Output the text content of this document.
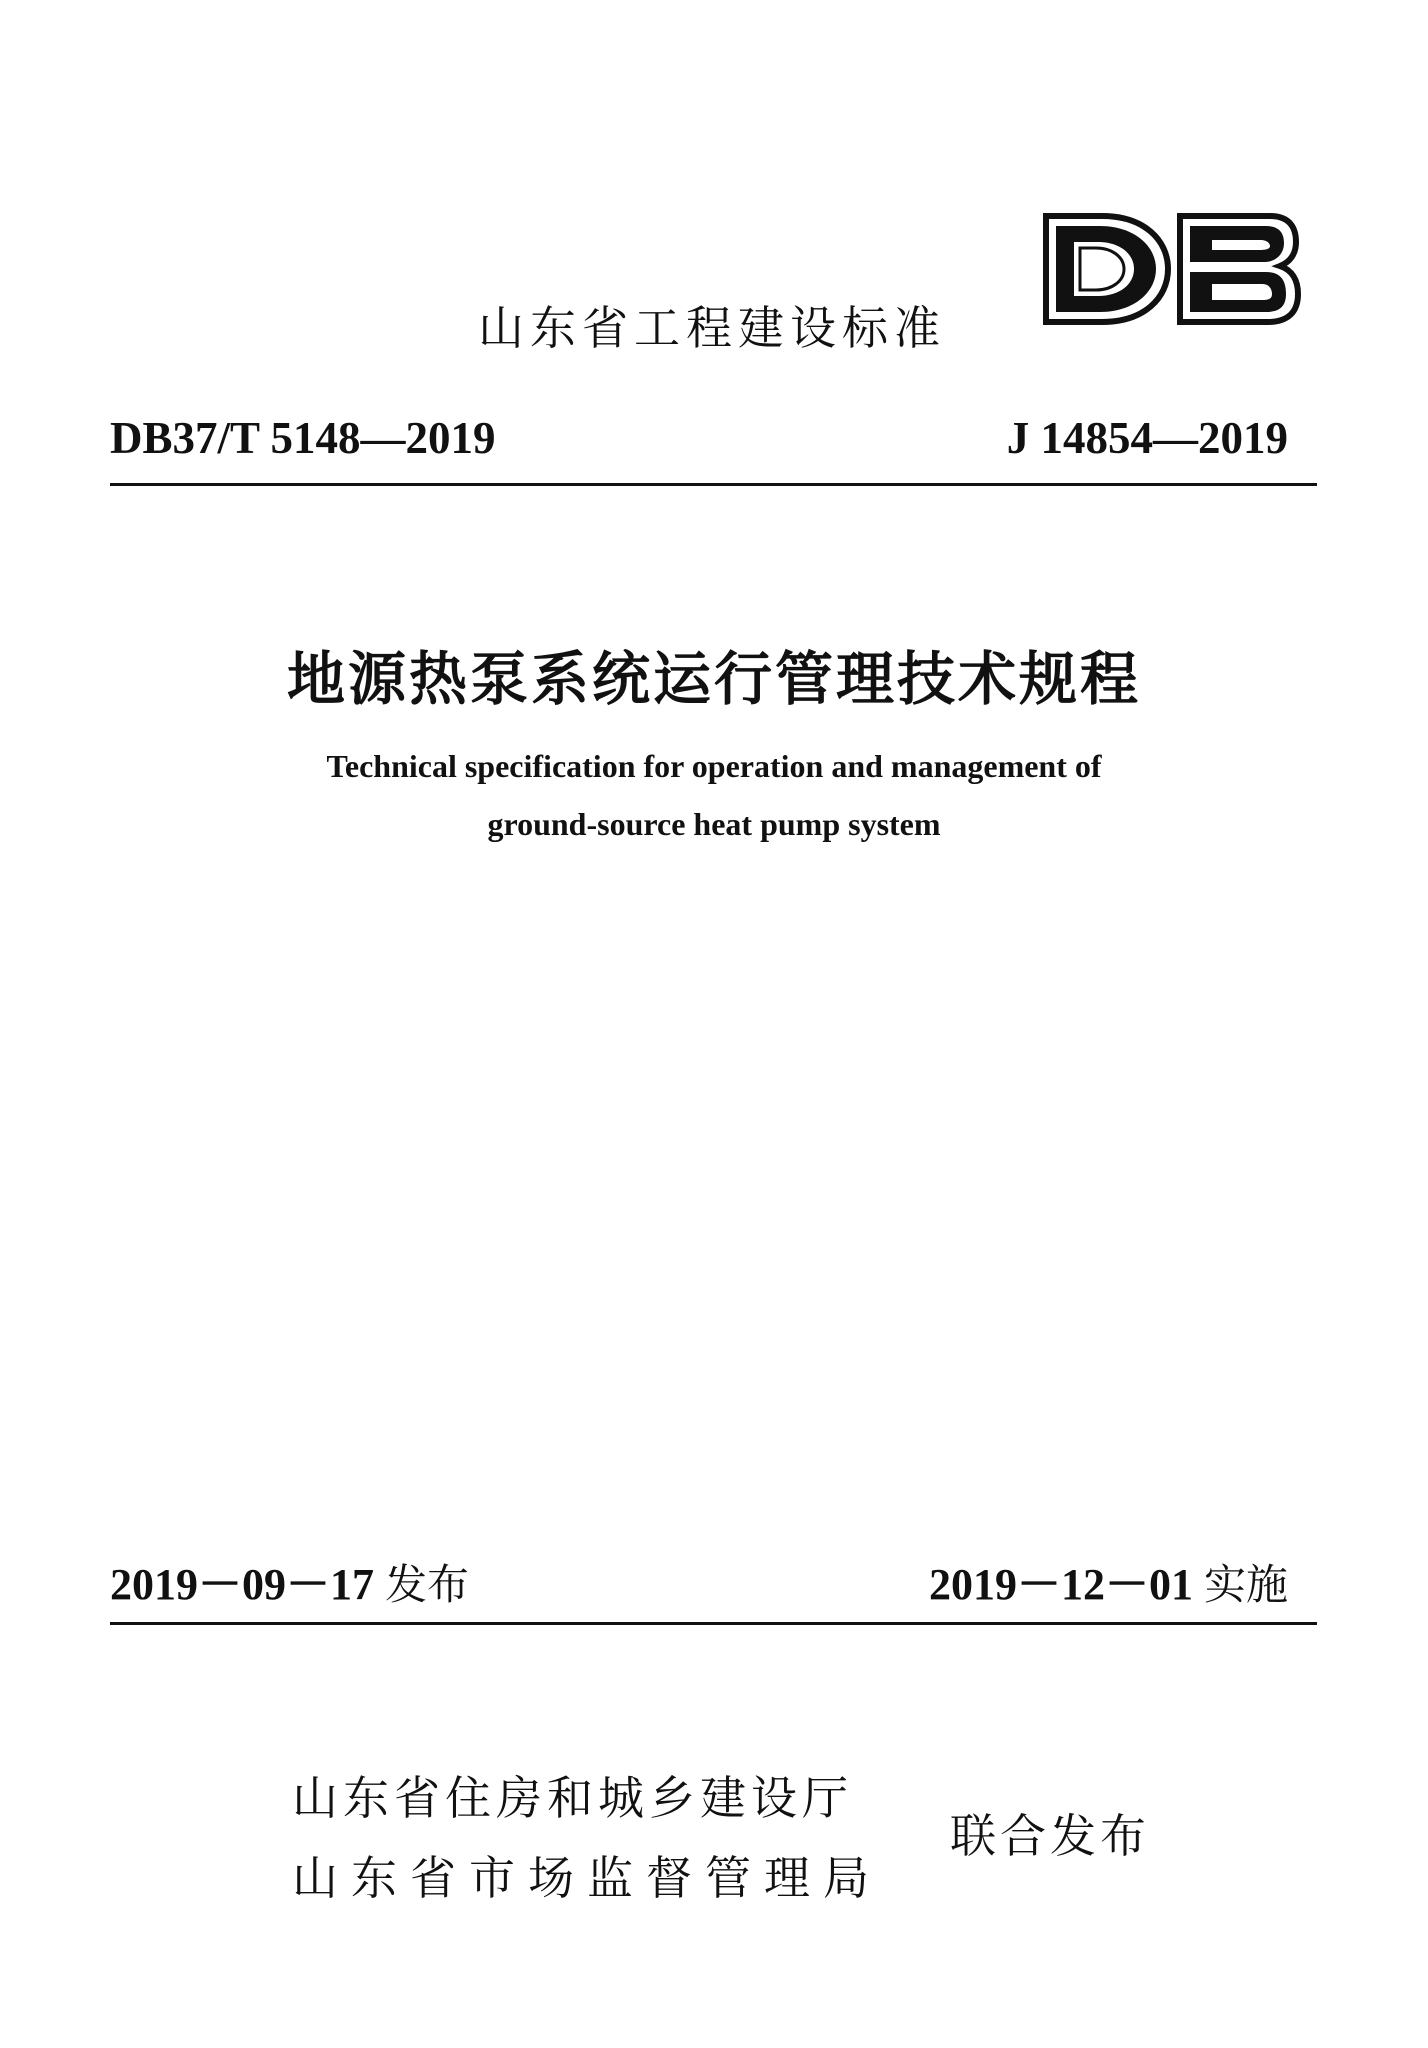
山东省工程建设标准
DB37/T 5148—2019	J 14854—2019
地源热泵系统运行管理技术规程
Technical specification for operation and management of
ground-source heat pump system
2019－09－17 发布	2019－12－01 实施
山东省住房和城乡建设厅
山东省市场监督管理局
联合发布
